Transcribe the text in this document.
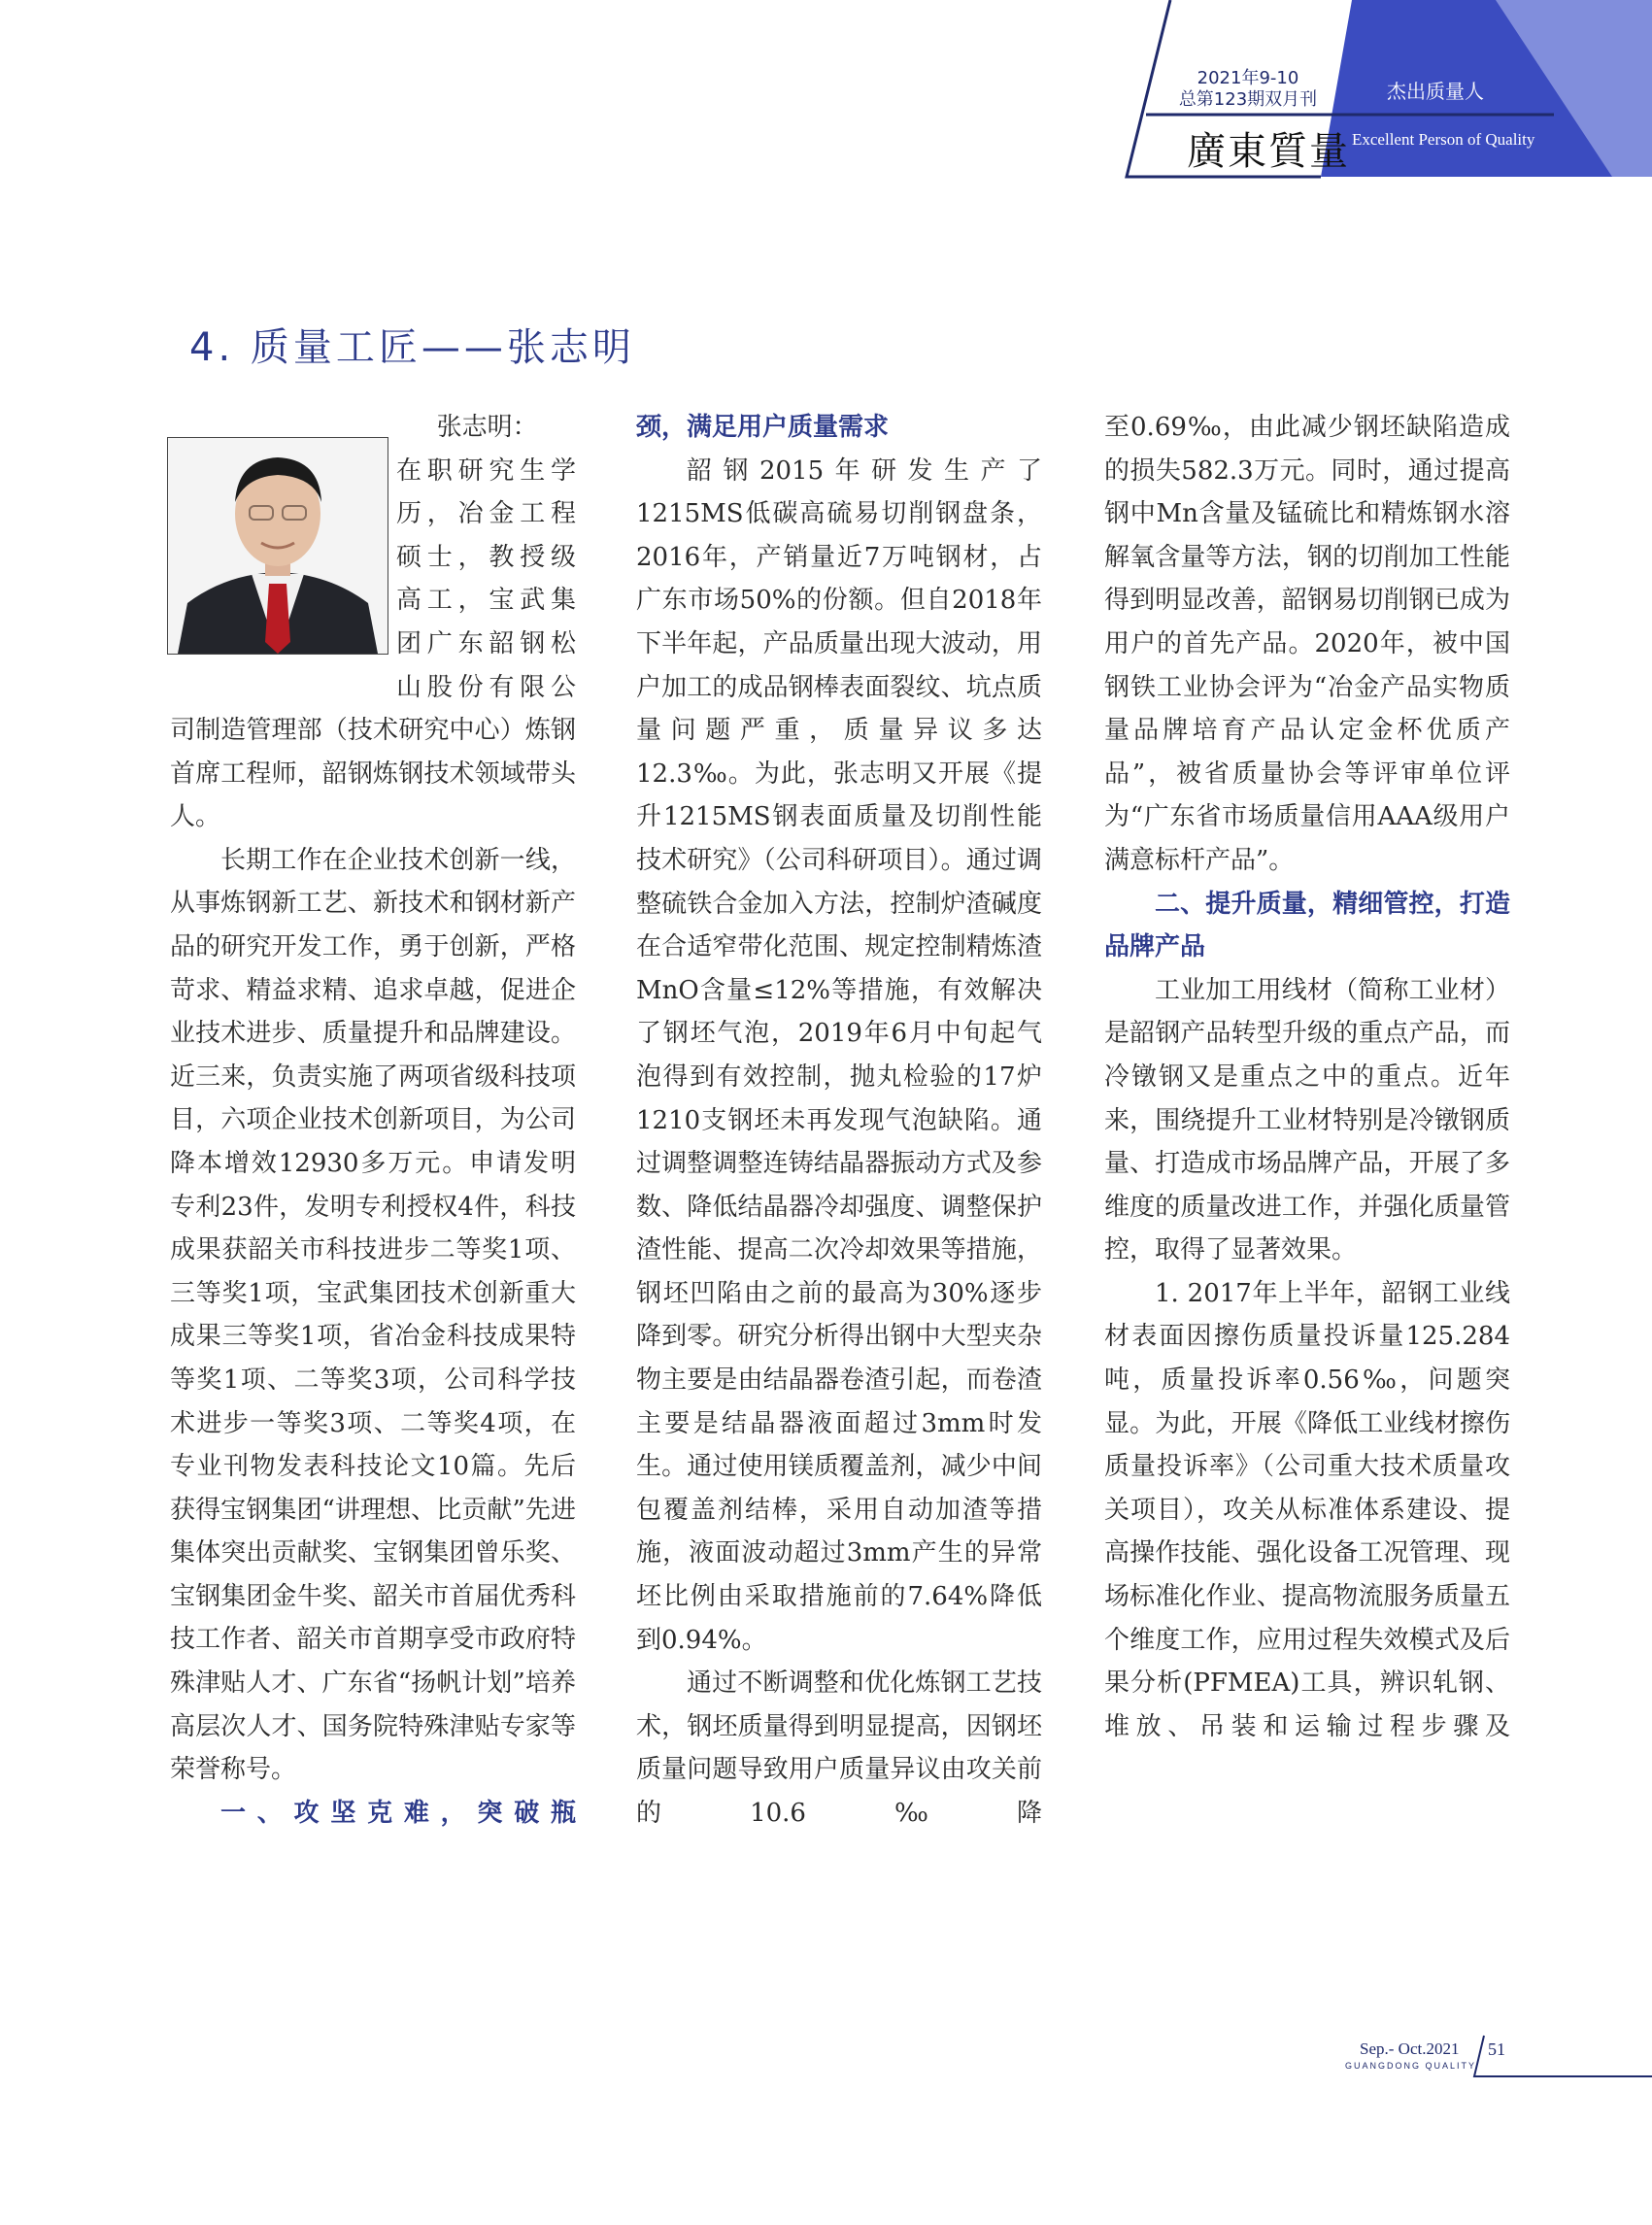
2021年9-10
总第123期双月刊
廣東質量
杰出质量人
Excellent Person of Quality
4. 质量工匠——张志明

张志明：

在职研究生学

历，冶金工程

硕士，教授级

高工，宝武集

团广东韶钢松

山股份有限公

司制造管理部（技术研究中心）炼钢首席工程师，韶钢炼钢技术领域带头人。

长期工作在企业技术创新一线，从事炼钢新工艺、新技术和钢材新产品的研究开发工作，勇于创新，严格苛求、精益求精、追求卓越，促进企业技术进步、质量提升和品牌建设。近三来，负责实施了两项省级科技项目，六项企业技术创新项目，为公司降本增效12930多万元。申请发明专利23件，发明专利授权4件，科技成果获韶关市科技进步二等奖1项、三等奖1项，宝武集团技术创新重大成果三等奖1项，省冶金科技成果特等奖1项、二等奖3项，公司科学技术进步一等奖3项、二等奖4项，在专业刊物发表科技论文10篇。先后获得宝钢集团“讲理想、比贡献”先进集体突出贡献奖、宝钢集团曾乐奖、宝钢集团金牛奖、韶关市首届优秀科技工作者、韶关市首期享受市政府特殊津贴人才、广东省“扬帆计划”培养高层次人才、国务院特殊津贴专家等荣誉称号。

一、攻坚克难，突破瓶

颈，满足用户质量需求

韶钢2015年研发生产了1215MS低碳高硫易切削钢盘条，2016年，产销量近7万吨钢材，占广东市场50%的份额。但自2018年下半年起，产品质量出现大波动，用户加工的成品钢棒表面裂纹、坑点质量问题严重，质量异议多达12.3‰。为此，张志明又开展《提升1215MS钢表面质量及切削性能技术研究》（公司科研项目）。通过调整硫铁合金加入方法，控制炉渣碱度在合适窄带化范围、规定控制精炼渣MnO含量≤12%等措施，有效解决了钢坯气泡，2019年6月中旬起气泡得到有效控制，抛丸检验的17炉1210支钢坯未再发现气泡缺陷。通过调整调整连铸结晶器振动方式及参数、降低结晶器冷却强度、调整保护渣性能、提高二次冷却效果等措施，钢坯凹陷由之前的最高为30%逐步降到零。研究分析得出钢中大型夹杂物主要是由结晶器卷渣引起，而卷渣主要是结晶器液面超过3mm时发生。通过使用镁质覆盖剂，减少中间包覆盖剂结棒，采用自动加渣等措施，液面波动超过3mm产生的异常坯比例由采取措施前的7.64%降低到0.94%。

通过不断调整和优化炼钢工艺技术，钢坯质量得到明显提高，因钢坯质量问题导致用户质量异议由攻关前的10.6‰降

至0.69‰，由此减少钢坯缺陷造成的损失582.3万元。同时，通过提高钢中Mn含量及锰硫比和精炼钢水溶解氧含量等方法，钢的切削加工性能得到明显改善，韶钢易切削钢已成为用户的首先产品。2020年，被中国钢铁工业协会评为“冶金产品实物质量品牌培育产品认定金杯优质产品”，被省质量协会等评审单位评为“广东省市场质量信用AAA级用户满意标杆产品”。

二、提升质量，精细管控，打造品牌产品

工业加工用线材（简称工业材）是韶钢产品转型升级的重点产品，而冷镦钢又是重点之中的重点。近年来，围绕提升工业材特别是冷镦钢质量、打造成市场品牌产品，开展了多维度的质量改进工作，并强化质量管控，取得了显著效果。

1. 2017年上半年，韶钢工业线材表面因擦伤质量投诉量125.284吨，质量投诉率0.56‰，问题突显。为此，开展《降低工业线材擦伤质量投诉率》（公司重大技术质量攻关项目），攻关从标准体系建设、提高操作技能、强化设备工况管理、现场标准化作业、提高物流服务质量五个维度工作，应用过程失效模式及后果分析(PFMEA)工具，辨识轧钢、堆放、吊装和运输过程步骤及

Sep.- Oct.2021
GUANGDONG QUALITY
51
